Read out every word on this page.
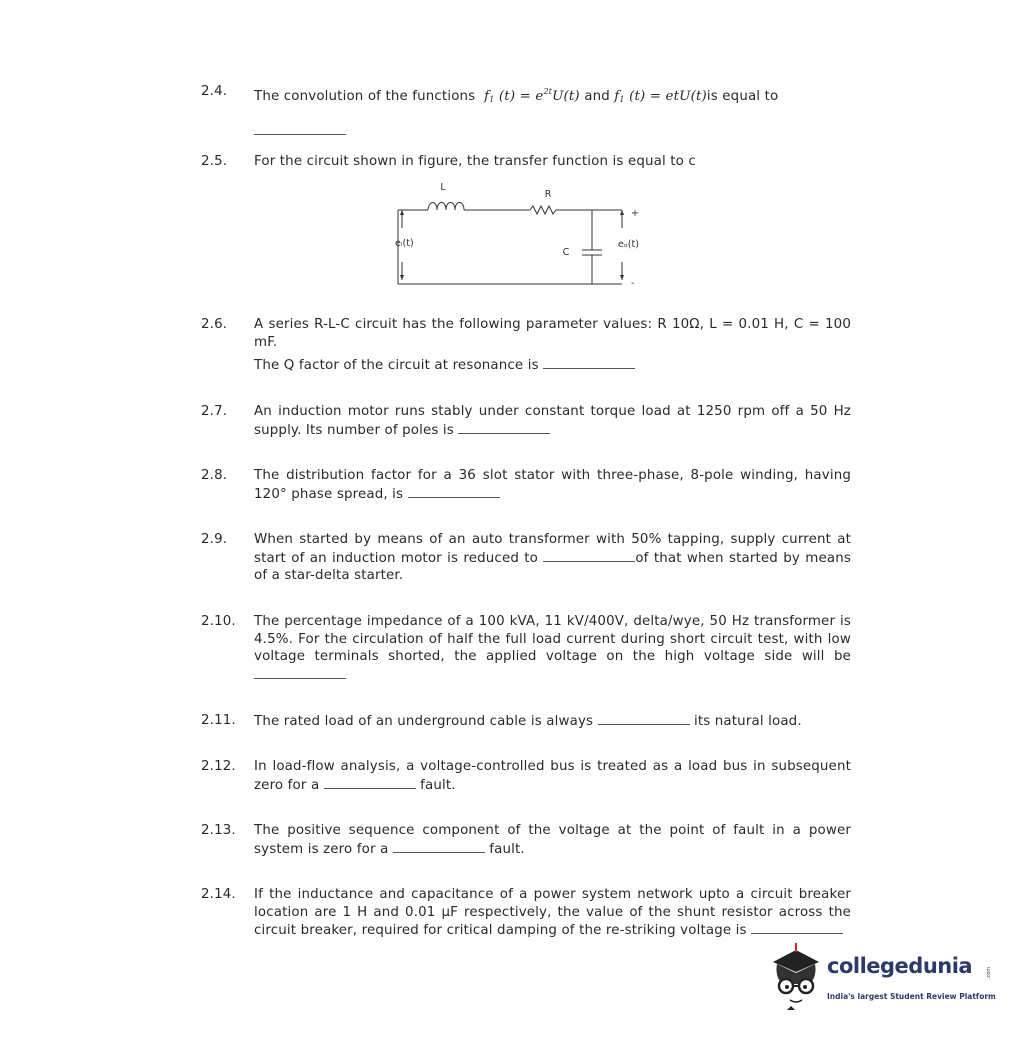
2.4. The convolution of the functions $f_1$ $(t) = e^{2t}U(t)$ and $f_1$ (t) = etU(t)is equal to
2.5. For the circuit shown in figure, the transfer function is equal to c
L
R
C
eᵢ(t)	eₒ(t)
+
-
2.6. A series R-L-C circuit has the following parameter values: R 10Ω, L = 0.01 H, C = 100 mF.
The Q factor of the circuit at resonance is
2.7. An induction motor runs stably under constant torque load at 1250 rpm off a 50 Hz supply. Its number of poles is
2.8. The distribution factor for a 36 slot stator with three-phase, 8-pole winding, having 120° phase spread, is
2.9. When started by means of an auto transformer with 50% tapping, supply current at start of an induction motor is reduced to	of that when started by means of a star-delta starter.
2.10. The percentage impedance of a 100 kVA, 11 kV/400V, delta/wye, 50 Hz transformer is 4.5%. For the circulation of half the full load current during short circuit test, with low voltage terminals shorted, the applied voltage on the high voltage side will be
2.11. The rated load of an underground cable is always	its natural load.
2.12. In load-flow analysis, a voltage-controlled bus is treated as a load bus in subsequent zero for a	fault.
2.13. The positive sequence component of the voltage at the point of fault in a power system is zero for a	fault.
2.14. If the inductance and capacitance of a power system network upto a circuit breaker location are 1 H and 0.01 μF respectively, the value of the shunt resistor across the circuit breaker, required for critical damping of the re-striking voltage is
collegedunia	.com
India's largest Student Review Platform
